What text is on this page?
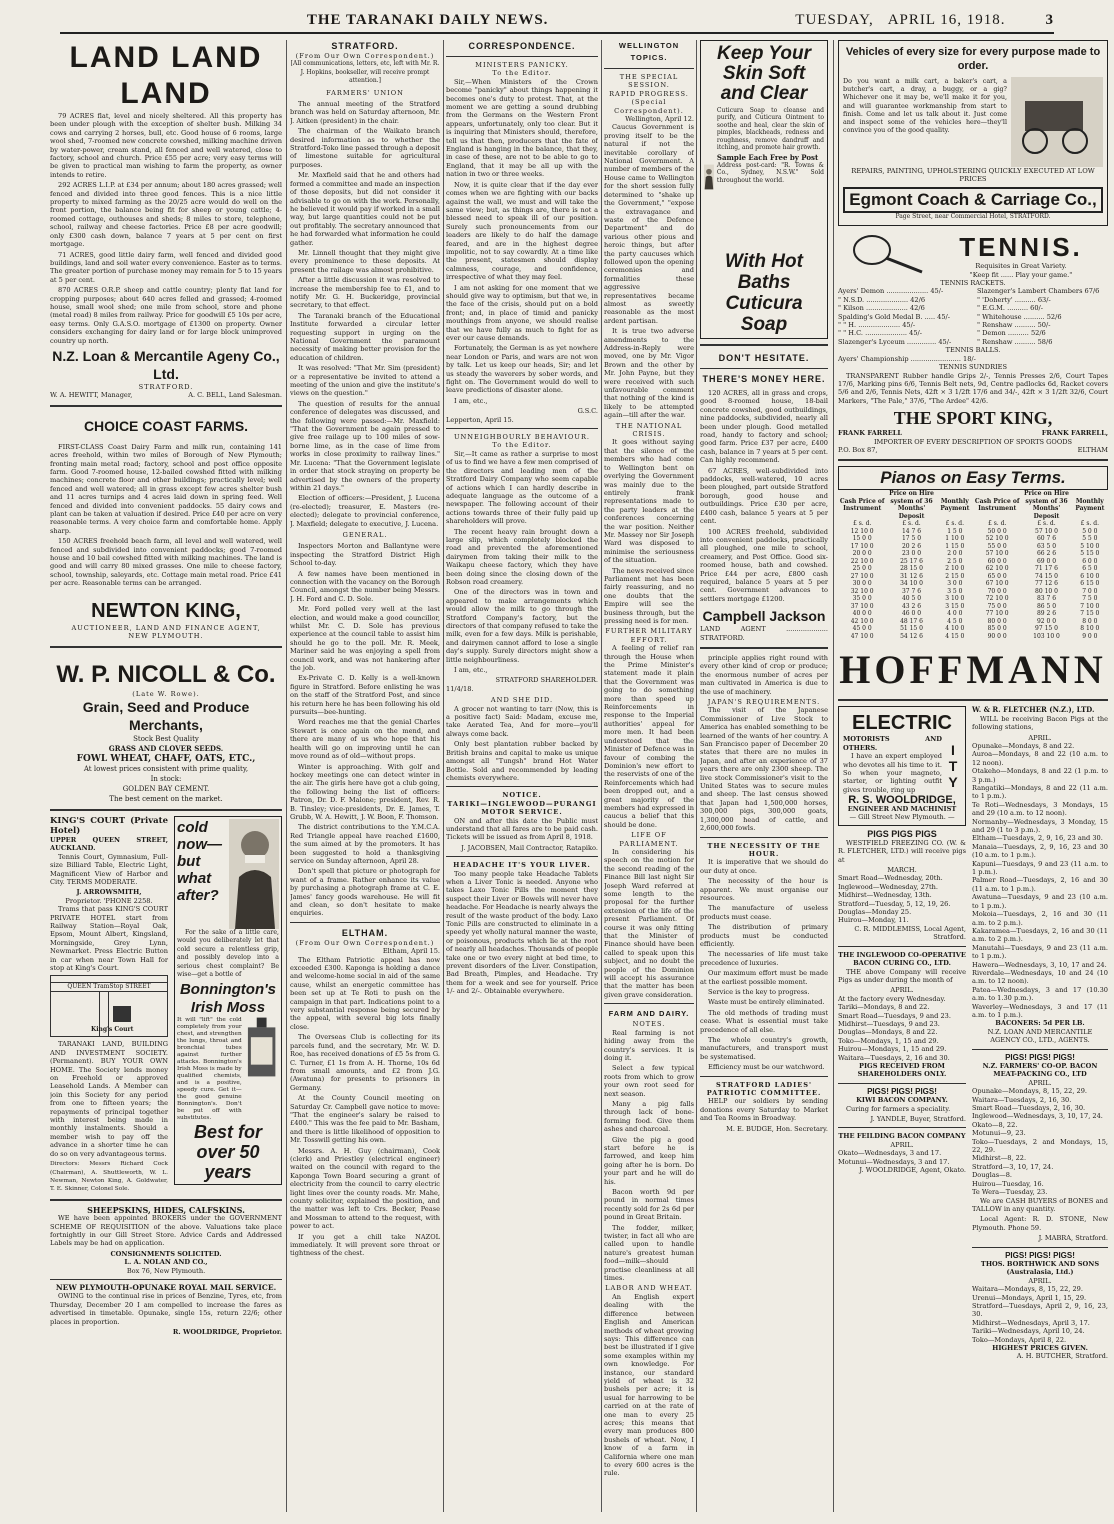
THE TARANAKI DAILY NEWS.	TUESDAY, APRIL 16, 1918.	3
LAND LAND LAND

79 ACRES flat, level and nicely sheltered. All this property has been under plough with the exception of shelter bush. Milking 34 cows and carrying 2 horses, bull, etc. Good house of 6 rooms, large wool shed, 7-roomed new concrete cowshed, milking machine driven by water-power, cream stand, all fenced and well watered, close to factory, school and church. Price £55 per acre; very easy terms will be given to practical man wishing to farm the property, as owner intends to retire.

292 ACRES L.I.P. at £34 per annum; about 180 acres grassed; well fenced and divided into three good fences. This is a nice little property to mixed farming as the 20/25 acre would do well on the front portion, the balance being fit for sheep or young cattle; 4-roomed cottage, outhouses and sheds; 8 miles to store, telephone, school, railway and cheese factories. Price £8 per acre goodwill; only £300 cash down, balance 7 years at 5 per cent on first mortgage.

71 ACRES, good little dairy farm, well fenced and divided good buildings, land and soil water every convenience. Easter as to terms. The greater portion of purchase money may remain for 5 to 15 years at 5 per cent.

870 ACRES O.R.P. sheep and cattle country; plenty flat land for cropping purposes; about 640 acres felled and grassed; 4-roomed house, small wool shed; one mile from school, store and phone (metal road) 8 miles from railway. Price for goodwill £5 10s per acre, easy terms. Only G.A.S.O. mortgage of £1300 on property. Owner considers exchanging for dairy land or for large block unimproved country up north.

N.Z. Loan & Mercantile Ageny Co., Ltd.
STRATFORD.
W. A. HEWITT, Manager,	A. C. BELL, Land Salesman.
CHOICE COAST FARMS.

FIRST-CLASS Coast Dairy Farm and milk run, containing 141 acres freehold, within two miles of Borough of New Plymouth; fronting main metal road; factory, school and post office opposite farm. Good 7-roomed house, 12-bailed cowshed fitted with milking machines; concrete floor and other buildings; practically level; well fenced and well watered; all in grass except few acres shelter bush and 11 acres turnips and 4 acres laid down in spring feed. Well fenced and divided into convenient paddocks. 55 dairy cows and plant can be taken at valuation if desired. Price £40 per acre on very reasonable terms. A very choice farm and comfortable home. Apply sharp.

150 ACRES freehold beach farm, all level and well watered, well fenced and subdivided into convenient paddocks; good 7-roomed house and 10 bail cowshed fitted with milking machines. The land is good and will carry 80 mixed grasses. One mile to cheese factory, school, township, saleyards, etc. Cottage main metal road. Price £41 per acre. Reasonable terms can be arranged.

NEWTON KING,
AUCTIONEER, LAND AND FINANCE AGENT,
NEW PLYMOUTH.
W. P. NICOLL & Co.
(Late W. Rowe).
Grain, Seed and Produce Merchants,
Stock Best Quality
GRASS AND CLOVER SEEDS.
FOWL WHEAT, CHAFF, OATS, ETC.,
At lowest prices consistent with prime quality,
In stock:
GOLDEN BAY CEMENT.
The best cement on the market.
KING'S COURT (Private Hotel)
UPPER QUEEN STREET, AUCKLAND.

Tennis Court, Gymnasium, Full-size Billiard Table, Electric Light, Magnificent View of Harbor and City. TERMS MODERATE.

J. ARROWSMITH,
Proprietor. 'PHONE 2258.

Trams that pass KING'S COURT PRIVATE HOTEL start from Railway Station—Royal Oak, Epsom, Mount Albert, Kingsland, Morningside, Grey Lynn, Newmarket. Press Electric Button in car when near Town Hall for stop at King's Court.

QUEEN TramStop STREET
King's Court

TARANAKI LAND, BUILDING AND INVESTMENT SOCIETY. (Permanent). BUY YOUR OWN HOME. The Society lends money on Freehold or approved Leasehold Lands. A Member can join this Society for any period from one to fifteen years; the repayments of principal together with interest being made in monthly instalments. Should a member wish to pay off the advance in a shorter time he can do so on very advantageous terms.

Directors: Messrs Richard Cock (Chairman), A. Shuttleworth, W. L. Newman, Newton King, A. Goldwater, T. E. Skinner, Colonel Sole.

cold now—but what after?

For the sake of a little care, would you deliberately let that cold secure a relentless grip, and possibly develop into a serious chest complaint? Be wise—get a bottle of

Bonnington's Irish Moss

It will "lift" the cold completely from your chest, and strengthen the lungs, throat and bronchial tubes against further attacks. Bonnington's Irish Moss is made by qualified chemists, and is a positive, speedy cure. Get it—the good genuine Bonnington's. Don't be put off with substitutes.

Best for over 50 years
SHEEPSKINS, HIDES, CALFSKINS.

WE have been appointed BROKERS under the GOVERNMENT SCHEME OF REQUISITION of the above. Valuations take place fortnightly in our Gill Street Store. Advice Cards and Addressed Labels may be had on application.

CONSIGNMENTS SOLICITED.
L. A. NOLAN AND CO.,
Box 76, New Plymouth.
NEW PLYMOUTH-OPUNAKE ROYAL MAIL SERVICE.

OWING to the continual rise in prices of Benzine, Tyres, etc, from Thursday, December 20 I am compelled to increase the fares as advertised in timetable. Opunake, single 15s, return 22/6; other places in proportion.

R. WOOLDRIDGE, Proprietor.
STRATFORD.
(From Our Own Correspondent.)

[All communications, letters, etc, left with Mr. R. J. Hopkins, bookseller, will receive prompt attention.]

FARMERS' UNION

The annual meeting of the Stratford branch was held on Saturday afternoon, Mr. J. Aitken (president) in the chair.

The chairman of the Waikato branch desired information as to whether the Stratford-Toko line passed through a deposit of limestone suitable for agricultural purposes.

Mr. Maxfield said that he and others had formed a committee and made an inspection of those deposits, but did not consider it advisable to go on with the work. Personally, he believed it would pay if worked in a small way, but large quantities could not be put out profitably. The secretary announced that he had forwarded what information he could gather.

Mr. Linnell thought that they might give every prominence to these deposits. At present the railage was almost prohibitive.

After a little discussion it was resolved to increase the membership fee to £1, and to notify Mr. G. H. Buckeridge, provincial secretary, to that effect.

The Taranaki branch of the Educational Institute forwarded a circular letter requesting support in urging on the National Government the paramount necessity of making better provision for the education of children.

It was resolved: "That Mr. Sim (president) or a representative be invited to attend a meeting of the union and give the institute's views on the question."

The question of results for the annual conference of delegates was discussed, and the following were passed:—Mr. Maxfield: "That the Government be again pressed to give free railage up to 100 miles of sow-borne lime, as in the case of lime from works in close proximity to railway lines." Mr. Lucena: "That the Government legislate in order that stock straying on property be advertised by the owners of the property within 21 days."

Election of officers:—President, J. Lucena (re-elected); treasurer, E. Masters (re-elected); delegate to provincial conference, J. Maxfield; delegate to executive, J. Lucena.

GENERAL.

Inspectors Morton and Ballantyne were inspecting the Stratford District High School to-day.

A few names have been mentioned in connection with the vacancy on the Borough Council, amongst the number being Messrs. J. H. Ford and C. D. Sole.

Mr. Ford polled very well at the last election, and would make a good councillor, whilst Mr. C. D. Sole has previous experience at the council table to assist him should he go to the poll. Mr. R. Meek, Mariner said he was enjoying a spell from council work, and was not hankering after the job.

Ex-Private C. D. Kelly is a well-known figure in Stratford. Before enlisting he was on the staff of the Stratford Post, and since his return here he has been following his old pursuits—bee-hunting.

Word reaches me that the genial Charles Stewart is once again on the mend, and there are many of us who hope that his health will go on improving until he can move round as of old—without props.

Winter is approaching. With golf and hockey meetings one can detect winter in the air. The girls here have got a club going, the following being the list of officers: Patron, Dr. D. F. Malone; president, Rev. R. B. Tinsley; vice-presidents, Dr. E. James, T. Grubb, W. A. Hewitt, J. W. Boon, F. Thomson.

The district contributions to the Y.M.C.A. Red Triangle appeal have reached £1600, the sum aimed at by the promoters. It has been suggested to hold a thanksgiving service on Sunday afternoon, April 28.

Don't spell that picture or photograph for want of a frame. Rather enhance its value by purchasing a photograph frame at C. E. James' fancy goods warehouse. He will fit and clean, so don't hesitate to make enquiries.

ELTHAM.
(From Our Own Correspondent.)
Eltham, April 15.

The Eltham Patriotic appeal has now exceeded £300. Kaponga is holding a dance and welcome-home social in aid of the same cause, whilst an energetic committee has been set up at Te Roti to push on the campaign in that part. Indications point to a very substantial response being secured by the appeal, with several big lots finally close.

The Overseas Club is collecting for its parcels fund, and the secretary, Mr. W. D. Roe, has received donations of £5 5s from G. C. Turner, £1 1s from A. H. Thorne, 10s 6d from small amounts, and £2 from J.G. (Awatuna) for presents to prisoners in Germany.

At the County Council meeting on Saturday Cr. Campbell gave notice to move: "That the engineer's salary be raised to £400." This was the fee paid to Mr. Basham, and there is little likelihood of opposition to Mr. Tosswill getting his own.

Messrs. A. H. Guy (chairman), Cook (clerk) and Priestley (electrical engineer) waited on the council with regard to the Kaponga Town Board securing a grant of electricity from the council to carry electric light lines over the county roads. Mr. Mahe, county solicitor, explained the position, and the matter was left to Crs. Becker, Pease and Mossman to attend to the request, with power to act.

If you get a chill take NAZOL immediately. It will prevent sore throat or tightness of the chest.

CORRESPONDENCE.
MINISTERS PANICKY.
To the Editor.

Sir,—When Ministers of the Crown become "panicky" about things happening it becomes one's duty to protest. That, at the moment we are getting a sound drubbing from the Germans on the Western Front appears, unfortunately, only too clear. But it is inquiring that Ministers should, therefore, tell us that then, producers that the fate of England is hanging in the balance, that they, in case of these, are not to be able to go to England, that it may be all up with the nation in two or three weeks.

Now, it is quite clear that if the day ever comes when we are fighting with our backs against the wall, we must and will take the same view; but, as things are, there is not a blessed need to speak ill of our position. Surely such pronouncements from our leaders are likely to do half the damage feared, and are in the highest degree impolitic, not to say cowardly. At a time like the present, statesmen should display calmness, courage, and confidence, irrespective of what they may feel.

I am not asking for one moment that we should give way to optimism, but that we, in the face of the crisis, should put on a bold front; and, in place of timid and panicky mouthings from anyone, we should realise that we have fully as much to fight for as ever our cause demands.

Fortunately, the German is as yet nowhere near London or Paris, and wars are not won by talk. Let us keep our heads, Sir; and let us steady the waverers by sober words, and fight on. The Government would do well to leave predictions of disaster alone.

I am, etc.,

G.S.C.
Lepperton, April 15.
UNNEIGHBOURLY BEHAVIOUR.
To the Editor.

Sir,—It came as rather a surprise to most of us to find we have a few men comprised of the directors and leading men of the Stratford Dairy Company who seem capable of actions which I can hardly describe in adequate language as the outcome of a newspaper. The following account of their actions towards three of their fully paid up shareholders will prove.

The recent heavy rain brought down a large slip, which completely blocked the road and prevented the aforementioned dairymen from taking their milk to the Waikapu cheese factory, which they have been doing since the closing down of the Robson road creamery.

One of the directors was in town and appeared to make arrangements which would allow the milk to go through the Stratford Company's factory, but the directors of that company refused to take the milk, even for a few days. Milk is perishable, and dairymen cannot afford to lose a single day's supply. Surely directors might show a little neighbourliness.

I am, etc.,

STRATFORD SHAREHOLDER.
11/4/18.
AND SHE DID.

A grocer not wanting to tarr (Now, this is a positive fact) Said: Madam, excuse me, take Aerated Tea, And for more—you'll always come back.

Only best plantation rubber backed by British brains and capital to make us unique amongst all "Tungsh" brand Hot Water Bottle. Sold and recommended by leading chemists everywhere.

NOTICE.
TARIKI—INGLEWOOD—PURANGI MOTOR SERVICE.

ON and after this date the Public must understand that all fares are to be paid cash. Tickets will be issued as from April 8, 1918.

J. JACOBSEN, Mail Contractor, Ratapiko.
HEADACHE IT'S YOUR LIVER.

Too many people take Headache Tablets when a Liver Tonic is needed. Anyone who takes Laxo Tonic Pills the moment they suspect their Liver or Bowels will never have headache. For Headache is nearly always the result of the waste product of the body. Laxo Tonic Pills are constructed to eliminate in a speedy yet wholly natural manner the waste, or poisonous, products which lie at the root of nearly all headaches. Thousands of people take one or two every night at bed time, to prevent disorders of the Liver. Constipation, Bad Breath, Pimples, and Headache. Try them for a week and see for yourself. Price 1/- and 2/-. Obtainable everywhere.

WELLINGTON TOPICS.
THE SPECIAL SESSION.
RAPID PROGRESS.
(Special Correspondent).
Wellington, April 12.

Caucus Government is proving itself to be the natural if not the inevitable corollary of National Government. A number of members of the House came to Wellington for the short session fully determined to "shake up the Government," "expose the extravagance and waste of the Defence Department" and do various other pious and heroic things, but after the party caucuses which followed upon the opening ceremonies and formalities these aggressive representatives became almost as sweetly reasonable as the most ardent partisan.

It is true two adverse amendments to the Address-in-Reply were moved, one by Mr. Vigor Brown and the other by Mr. John Payne, but they were received with such unfavourable comment that nothing of the kind is likely to be attempted again—till after the war.

THE NATIONAL CRISIS.

It goes without saying that the silence of the members who had come to Wellington bent on overlying the Government was mainly due to the entirely frank representations made to the party leaders at the conferences concerning the war position. Neither Mr. Massey nor Sir Joseph Ward was disposed to minimise the seriousness of the situation.

The news received since Parliament met has been fairly reassuring, and no one doubts that the Empire will see the business through, but the pressing need is for men.

FURTHER MILITARY EFFORT.

A feeling of relief ran through the House when the Prime Minister's statement made it plain that the Government was going to do something more than speed up Reinforcements in response to the Imperial authorities' appeal for more men. It had been understood that the Minister of Defence was in favour of combing the Dominion's new effort to the reservists of one of the Reinforcements which had been dropped out, and a great majority of the members had expressed in caucus a belief that this should be done.

LIFE OF PARLIAMENT.

In considering his speech on the motion for the second reading of the Finance Bill last night Sir Joseph Ward referred at some length to the proposal for the further extension of the life of the present Parliament. Of course it was only fitting that the Minister of Finance should have been called to speak upon this subject, and no doubt the people of the Dominion will accept his assurance that the matter has been given grave consideration.

FARM AND DAIRY.
NOTES.

Real farming is not hiding away from the country's services. It is doing it.

Select a few typical roots from which to grow your own root seed for next season.

Many a pig falls through lack of bone-forming food. Give them ashes and charcoal.

Give the pig a good start before he is farrowed, and keep him going after he is born. Do your part and he will do his.

Bacon worth 9d per pound in normal times recently sold for 2s 6d per pound in Great Britain.

The fodder, milker, twister, in fact all who are called upon to handle nature's greatest human food—milk—should practise cleanliness at all times.

LABOR AND WHEAT.

An English expert dealing with the difference between English and American methods of wheat growing says: This difference can best be illustrated if I give some examples within my own knowledge. For instance, our standard yield of wheat is 32 bushels per acre; it is usual for harrowing to be carried on at the rate of one man to every 25 acres; this means that every man produces 800 bushels of wheat. Now, I know of a farm in California where one man to every 600 acres is the rule.

Keep Your Skin Soft and Clear

Cuticura Soap to cleanse and purify, and Cuticura Ointment to soothe and heal, clear the skin of pimples, blackheads, redness and roughness, remove dandruff and itching, and promote hair growth.

Sample Each Free by Post

Address post-card: "R. Towns & Co., Sydney, N.S.W." Sold throughout the world.

With Hot Baths Cuticura Soap
DON'T HESITATE.
THERE'S MONEY HERE.

120 ACRES, all in grass and crops, good 8-roomed house, 18-bail concrete cowshed, good outbuildings, nine paddocks, subdivided, nearly all been under plough. Good metalled road, handy to factory and school; good farm. Price £37 per acre, £400 cash, balance in 7 years at 5 per cent. Can highly recommend.

67 ACRES, well-subdivided into paddocks, well-watered, 10 acres been ploughed, part outside Stratford borough, good house and outbuildings. Price £30 per acre, £400 cash, balance 5 years at 5 per cent.

100 ACRES freehold, subdivided into convenient paddocks, practically all ploughed, one mile to school, creamery, and Post Office. Good six-roomed house, bath and cowshed. Price £44 per acre, £800 cash required, balance 5 years at 5 per cent. Government advances to settlers mortgage £1200.

Campbell Jackson
LAND AGENT .................... STRATFORD.

principle applies right round with every other kind of crop or produce; the enormous number of acres per man cultivated in America is due to the use of machinery.

JAPAN'S REQUIREMENTS.

The visit of the Japanese Commissioner of Live Stock to America has enabled something to be learned of the wants of her country. A San Francisco paper of December 20 states that there are no mules in Japan, and after an experience of 37 years there are only 2300 sheep. The live stock Commissioner's visit to the United States was to secure mules and sheep. The last census showed that Japan had 1,500,000 horses, 300,000 pigs, 300,000 goats, 1,300,000 head of cattle, and 2,600,000 fowls.

THE NECESSITY OF THE HOUR.

It is imperative that we should do our duty at once.

The necessity of the hour is apparent. We must organise our resources.

The manufacture of useless products must cease.

The distribution of primary products must be conducted efficiently.

The necessaries of life must take precedence of luxuries.

Our maximum effort must be made at the earliest possible moment.

Service is the key to progress.

Waste must be entirely eliminated.

The old methods of trading must cease. What is essential must take precedence of all else.

The whole country's growth, manufacturers, and transport must be systematised.

Efficiency must be our watchword.

STRATFORD LADIES' PATRIOTIC COMMITTEE.

HELP our soldiers by sending donations every Saturday to Market and Tea Rooms in Broadway.

M. E. BUDGE, Hon. Secretary.
Vehicles of every size for every purpose made to order.

Do you want a milk cart, a baker's cart, a butcher's cart, a dray, a buggy, or a gig? Whichever one it may be, we'll make it for you, and will guarantee workmanship from start to finish. Come and let us talk about it. Just come and inspect some of the vehicles here—they'll convince you of the good quality.

REPAIRS, PAINTING, UPHOLSTERING QUICKLY EXECUTED AT LOW PRICES
Egmont Coach & Carriage Co.,
Page Street, near Commercial Hotel, STRATFORD.
TENNIS.
Requisites in Great Variety.
"Keep fit ...... Play your game."
TENNIS RACKETS.
Ayers' Demon .................... 45/-
" N.S.D. .................... 42/6
" Kilson .................... 42/6
Spalding's Gold Medal B. ..... 45/-
" " H. .................... 45/-
" " H.C. .................... 45/-
Slazenger's Lyceum .............. 45/-
Slazenger's Lambert Chambers 67/6
" 'Doherty' .......... 63/-
" E.G.M. .......... 60/-
" Whitehouse .......... 52/6
" Renshaw .......... 50/-
" Demon .......... 52/6
" Renshaw .......... 58/6
TENNIS BALLS.
Ayers' Championship ........................ 18/-
TENNIS SUNDRIES

TRANSPARENT Rubber handle Grips 2/-, Tennis Presses 2/6, Court Tapes 17/6, Marking pins 6/6, Tennis Belt nets, 9d, Centre padlocks 6d, Racket covers 5/6 and 2/6, Tennis Nets, 42ft × 3 1/2ft 17/6 and 34/-, 42ft × 3 1/2ft 32/6, Court Markers, "The Pale," 37/6, "The Ardee" 42/6.

THE SPORT KING,
FRANK FARRELL	FRANK FARRELL,
IMPORTER OF EVERY DESCRIPTION OF SPORTS GOODS
P.O. Box 87,	ELTHAM
Pianos on Easy Terms.
Cash Price of Instrument	Price on Hire system of 36 Months' Deposit	Monthly Payment	Cash Price of Instrument	Price on Hire system of 36 Months' Deposit	Monthly Payment
£ s. d.	£ s. d.	£ s. d.	£ s. d.	£ s. d.	£ s. d.
12 10 0	14 7 6	1 5 0	50 0 0	57 10 0	5 0 0
15 0 0	17 5 0	1 10 0	52 10 0	60 7 6	5 5 0
17 10 0	20 2 6	1 15 0	55 0 0	63 5 0	5 10 0
20 0 0	23 0 0	2 0 0	57 10 0	66 2 6	5 15 0
22 10 0	25 17 6	2 5 0	60 0 0	69 0 0	6 0 0
25 0 0	28 15 0	2 10 0	62 10 0	71 17 6	6 5 0
27 10 0	31 12 6	2 15 0	65 0 0	74 15 0	6 10 0
30 0 0	34 10 0	3 0 0	67 10 0	77 12 6	6 15 0
32 10 0	37 7 6	3 5 0	70 0 0	80 10 0	7 0 0
35 0 0	40 5 0	3 10 0	72 10 0	83 7 6	7 5 0
37 10 0	43 2 6	3 15 0	75 0 0	86 5 0	7 10 0
40 0 0	46 0 0	4 0 0	77 10 0	89 2 6	7 15 0
42 10 0	48 17 6	4 5 0	80 0 0	92 0 0	8 0 0
45 0 0	51 15 0	4 10 0	85 0 0	97 15 0	8 10 0
47 10 0	54 12 6	4 15 0	90 0 0	103 10 0	9 0 0
HOFFMANN
ELECTRIC
MOTORISTS AND OTHERS.

I have an expert employed who devotes all his time to it. So when your magneto, starter, or lighting outfit gives trouble, ring up

ITY
R. S. WOOLDRIDGE,
ENGINEER AND MACHINIST
— Gill Street New Plymouth. —
PIGS PIGS PIGS

WESTFIELD FREEZING CO. (W. & R. FLETCHER, LTD.) will receive pigs at

MARCH.
Smart Road—Wednesday, 20th.
Inglewood—Wednesday, 27th.
Midhirst—Wednesday, 13th.
Stratford—Tuesday, 5, 12, 19, 26.
Douglas—Monday 25.
Huirou—Monday, 11.
C. R. MIDDLEMISS, Local Agent, Stratford.
THE INGLEWOOD CO-OPERATIVE BACON CURING CO., LTD.

THE above Company will receive Pigs as under during the month of

APRIL.
At the factory every Wednesday.
Tariki—Mondays, 8 and 22.
Smart Road—Tuesdays, 9 and 23.
Midhirst—Tuesdays, 9 and 23.
Douglas—Mondays, 8 and 22.
Toko—Mondays, 1, 15 and 29.
Huirou—Mondays, 1, 15 and 29.
Waitara—Tuesdays, 2, 16 and 30.
PIGS RECEIVED FROM SHAREHOLDERS ONLY.
PIGS! PIGS! PIGS!
KIWI BACON COMPANY.

Curing for farmers a speciality.

J. YANDLE, Buyer, Stratford.
THE FEILDING BACON COMPANY
APRIL.
Okato—Wednesdays, 3 and 17.
Motunui—Wednesdays, 3 and 17.
J. WOOLDRIDGE, Agent, Okato.
W. & R. FLETCHER (N.Z.), LTD.

WILL be receiving Bacon Pigs at the following stations,

APRIL.
Opunake—Mondays, 8 and 22.
Auroa—Mondays, 8 and 22 (10 a.m. to 12 noon).
Otakeho—Mondays, 8 and 22 (1 p.m. to 3 p.m.)
Rangatiki—Mondays, 8 and 22 (11 a.m. to 1 p.m.).
Te Roti—Wednesdays, 3 Mondays, 15 and 29 (10 a.m. to 12 noon).
Normanby—Wednesdays, 3 Monday, 15 and 29 (1 to 3 p.m.).
Eltham—Tuesdays, 2, 9, 16, 23 and 30.
Manaia—Tuesdays, 2, 9, 16, 23 and 30 (10 a.m. to 1 p.m.).
Kapuni—Tuesdays, 9 and 23 (11 a.m. to 1 p.m.).
Palmer Road—Tuesdays, 2, 16 and 30 (11 a.m. to 1 p.m.).
Awatuna—Tuesdays, 9 and 23 (10 a.m. to 1 p.m.).
Mokoia—Tuesdays, 2, 16 and 30 (11 a.m. to 2 p.m.).
Kakaramea—Tuesdays, 2, 16 and 30 (11 a.m. to 2 p.m.).
Manutahi—Tuesdays, 9 and 23 (11 a.m. to 1 p.m.).
Hawera—Wednesdays, 3, 10, 17 and 24.
Riverdale—Wednesdays, 10 and 24 (10 a.m. to 12 noon).
Patea—Wednesdays, 3 and 17 (10.30 a.m. to 1.30 p.m.).
Waverley—Wednesdays, 3 and 17 (11 a.m. to 1 p.m.).
BACONERS: 5d PER LB.
N.Z. LOAN AND MERCANTILE AGENCY CO., LTD., AGENTS.
PIGS! PIGS! PIGS!
N.Z. FARMERS' CO-OP. BACON MEAT-PACKING CO., LTD
APRIL.
Opunake—Mondays, 8, 15, 22, 29.
Waitara—Tuesdays, 2, 16, 30.
Smart Road—Tuesdays, 2, 16, 30.
Inglewood—Wednesdays, 3, 10, 17, 24.
Okato—8, 22.
Motunui—9, 23.
Toko—Tuesdays, 2 and Mondays, 15, 22, 29.
Midhirst—8, 22.
Stratford—3, 10, 17, 24.
Douglas—8.
Huirou—Tuesday, 16.
Te Wera—Tuesday, 23.

We are CASH BUYERS of BONES and TALLOW in any quantity.

Local Agent: R. D. STONE, New Plymouth. Phone 59.

J. MABRA, Stratford.
PIGS! PIGS! PIGS!
THOS. BORTHWICK AND SONS (Australasia, Ltd.)
APRIL.
Waitara—Mondays, 8, 15, 22, 29.
Urenui—Mondays, April 1, 15, 29.
Stratford—Tuesdays, April 2, 9, 16, 23, 30.
Midhirst—Wednesdays, April 3, 17.
Tariki—Wednesdays, April 10, 24.
Toko—Mondays, April 8, 22.
HIGHEST PRICES GIVEN.
A. H. BUTCHER, Stratford.
